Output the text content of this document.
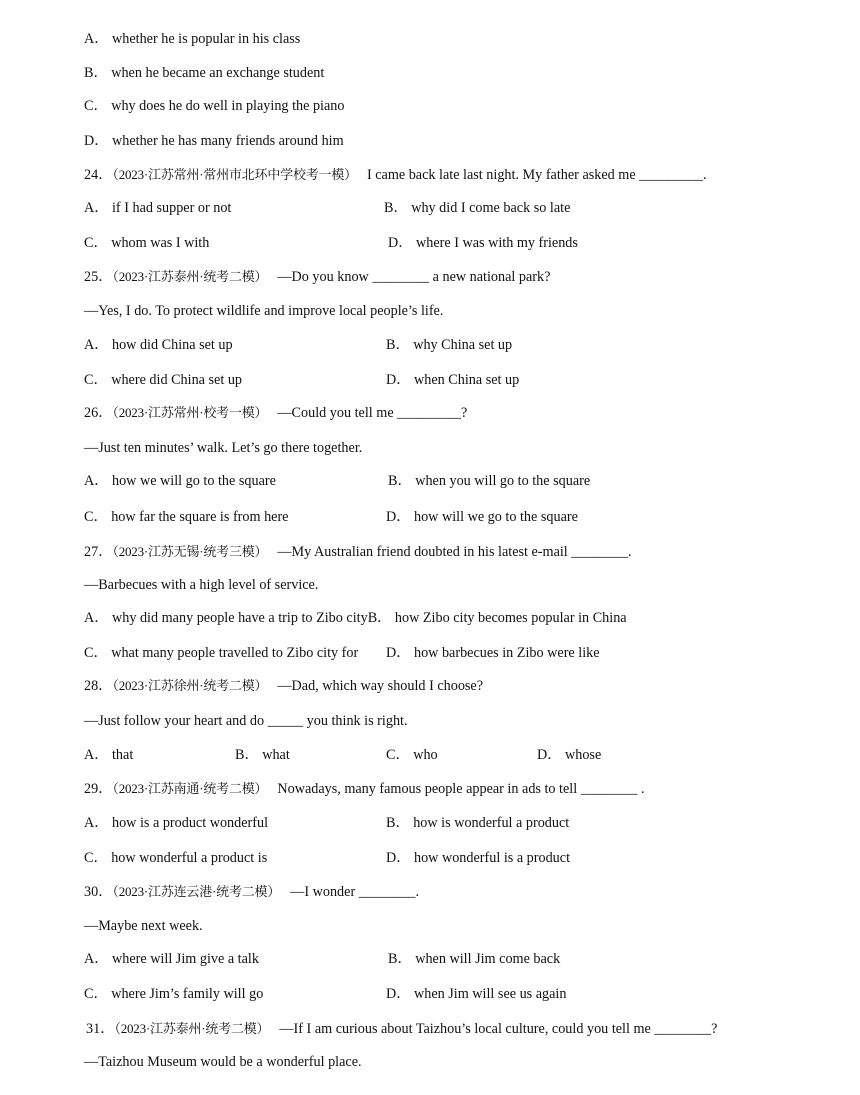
A． whether he is popular in his class
B． when he became an exchange student
C． why does he do well in playing the piano
D． whether he has many friends around him
24．（2023·江苏常州·常州市北环中学校考一模） I came back late last night. My father asked me _________.
A． if I had supper or not	B． why did I come back so late
C． whom was I with	D． where I was with my friends
25．（2023·江苏泰州·统考二模） —Do you know ________ a new national park?
—Yes, I do. To protect wildlife and improve local people’s life.
A． how did China set up	B． why China set up
C． where did China set up	D． when China set up
26．（2023·江苏常州·校考一模） —Could you tell me _________?
—Just ten minutes’ walk. Let’s go there together.
A． how we will go to the square	B． when you will go to the square
C． how far the square is from here	D． how will we go to the square
27．（2023·江苏无锡·统考三模） —My Australian friend doubted in his latest e-mail ________.
—Barbecues with a high level of service.
A． why did many people have a trip to Zibo cityB． how Zibo city becomes popular in China
C． what many people travelled to Zibo city for D． how barbecues in Zibo were like
28．（2023·江苏徐州·统考二模） —Dad, which way should I choose?
—Just follow your heart and do _____ you think is right.
A． that	B． what	C． who	D． whose
29．（2023·江苏南通·统考二模） Nowadays, many famous people appear in ads to tell ________ .
A． how is a product wonderful	B． how is wonderful a product
C． how wonderful a product is	D． how wonderful is a product
30．（2023·江苏连云港·统考二模） —I wonder ________.
—Maybe next week.
A． where will Jim give a talk	B． when will Jim come back
C． where Jim’s family will go	D． when Jim will see us again
31．（2023·江苏泰州·统考二模） —If I am curious about Taizhou’s local culture, could you tell me ________?
—Taizhou Museum would be a wonderful place.
